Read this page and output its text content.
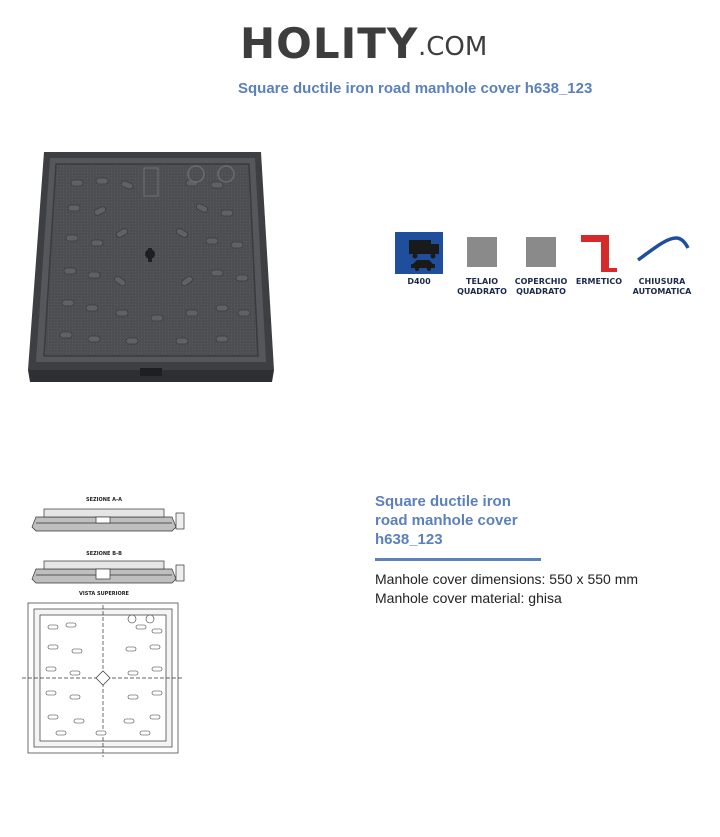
HOLITY .COM
Square ductile iron road manhole cover h638_123
D400	TELAIO
QUADRATO
COPERCHIO
QUADRATO
ERMETICO	CHIUSURA
AUTOMATICA
SEZIONE A-A
SEZIONE B-B
VISTA SUPERIORE
Square ductile iron
road manhole cover
h638_123
Manhole cover dimensions: 550 x 550 mm
Manhole cover material: ghisa
